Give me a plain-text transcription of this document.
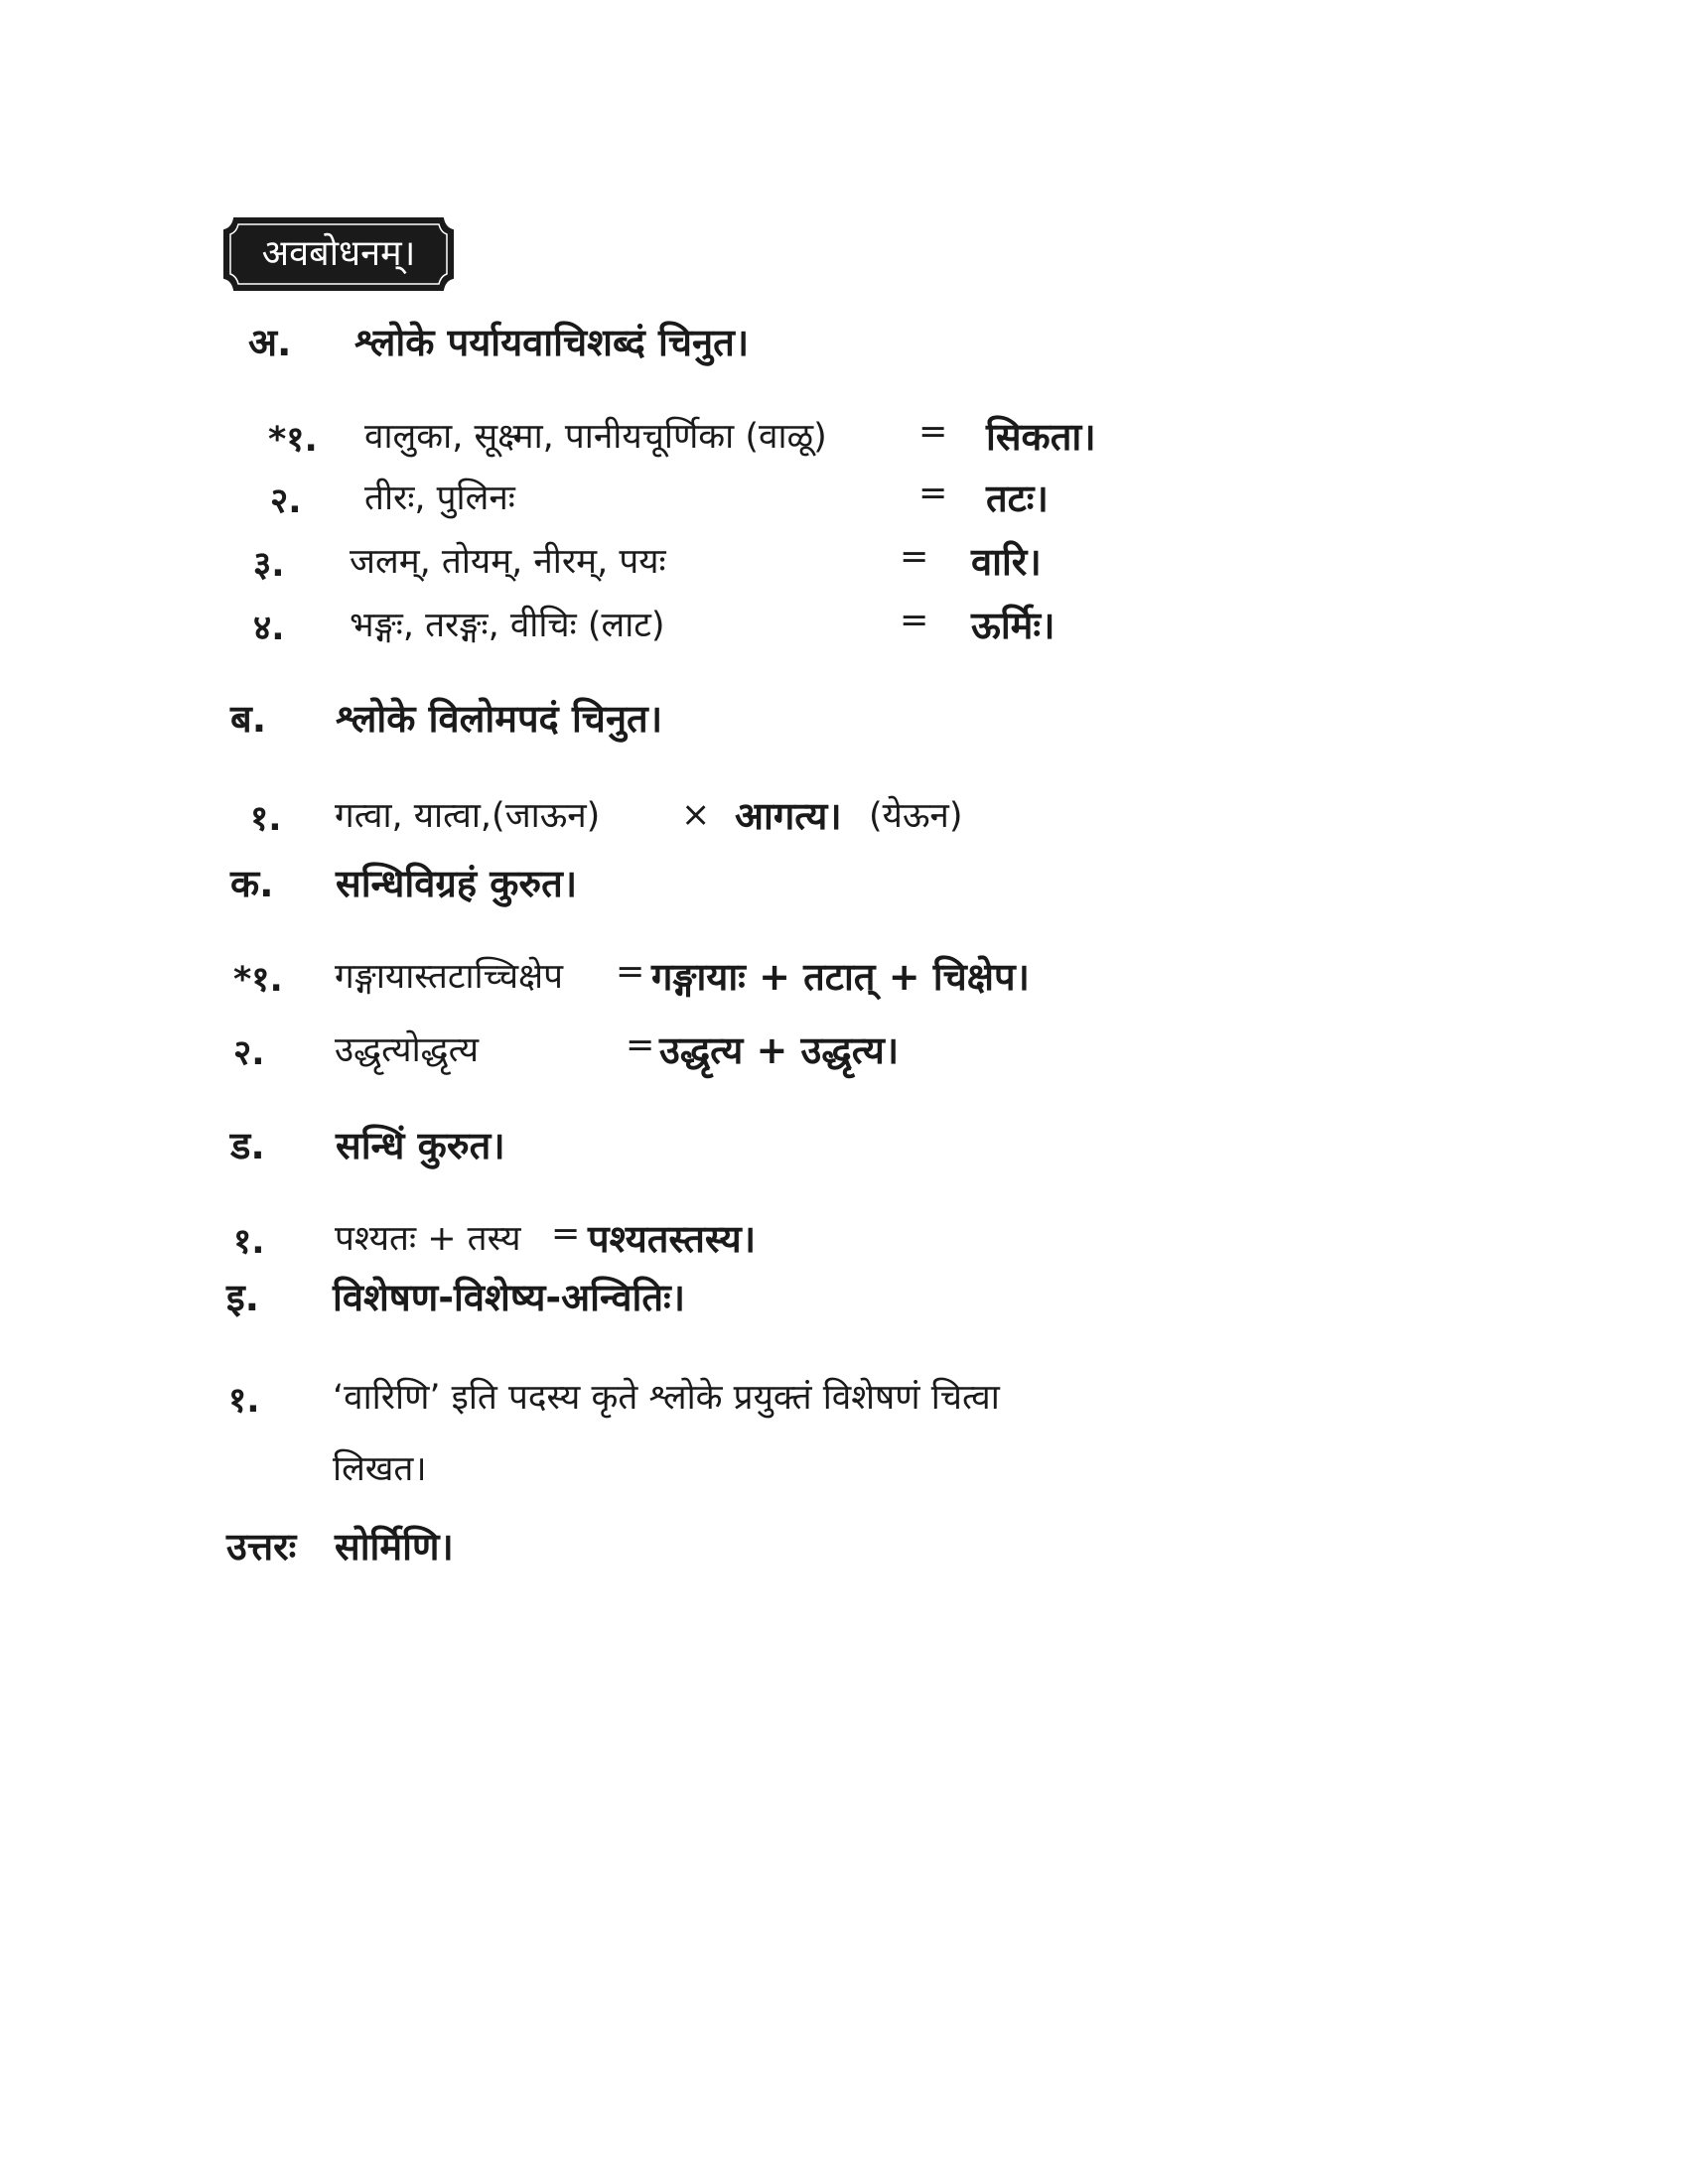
अवबोधनम्।
अ. श्लोके पर्यायवाचिशब्दं चिनुत।
*१. वालुका, सूक्ष्मा, पानीयचूर्णिका (वाळू)	= सिकता।
२. तीरः, पुलिनः	= तटः।
३. जलम्, तोयम्, नीरम्, पयः	= वारि।
४. भङ्गः, तरङ्गः, वीचिः (लाट)	= ऊर्मिः।
ब. श्लोके विलोमपदं चिनुत।
१. गत्वा, यात्वा,(जाऊन) × आगत्य। (येऊन)
क. सन्धिविग्रहं कुरुत।
*१. गङ्गायास्तटाच्चिक्षेप = गङ्गायाः + तटात् + चिक्षेप।
२. उद्धृत्योद्धृत्य	= उद्धृत्य + उद्धृत्य।
ड. सन्धिं कुरुत।
१. पश्यतः + तस्य = पश्यतस्तस्य।
इ. विशेषण-विशेष्य-अन्वितिः।
१. ‘वारिणि’ इति पदस्य कृते श्लोके प्रयुक्तं विशेषणं चित्वा
लिखत।
उत्तरः सोर्मिणि।
